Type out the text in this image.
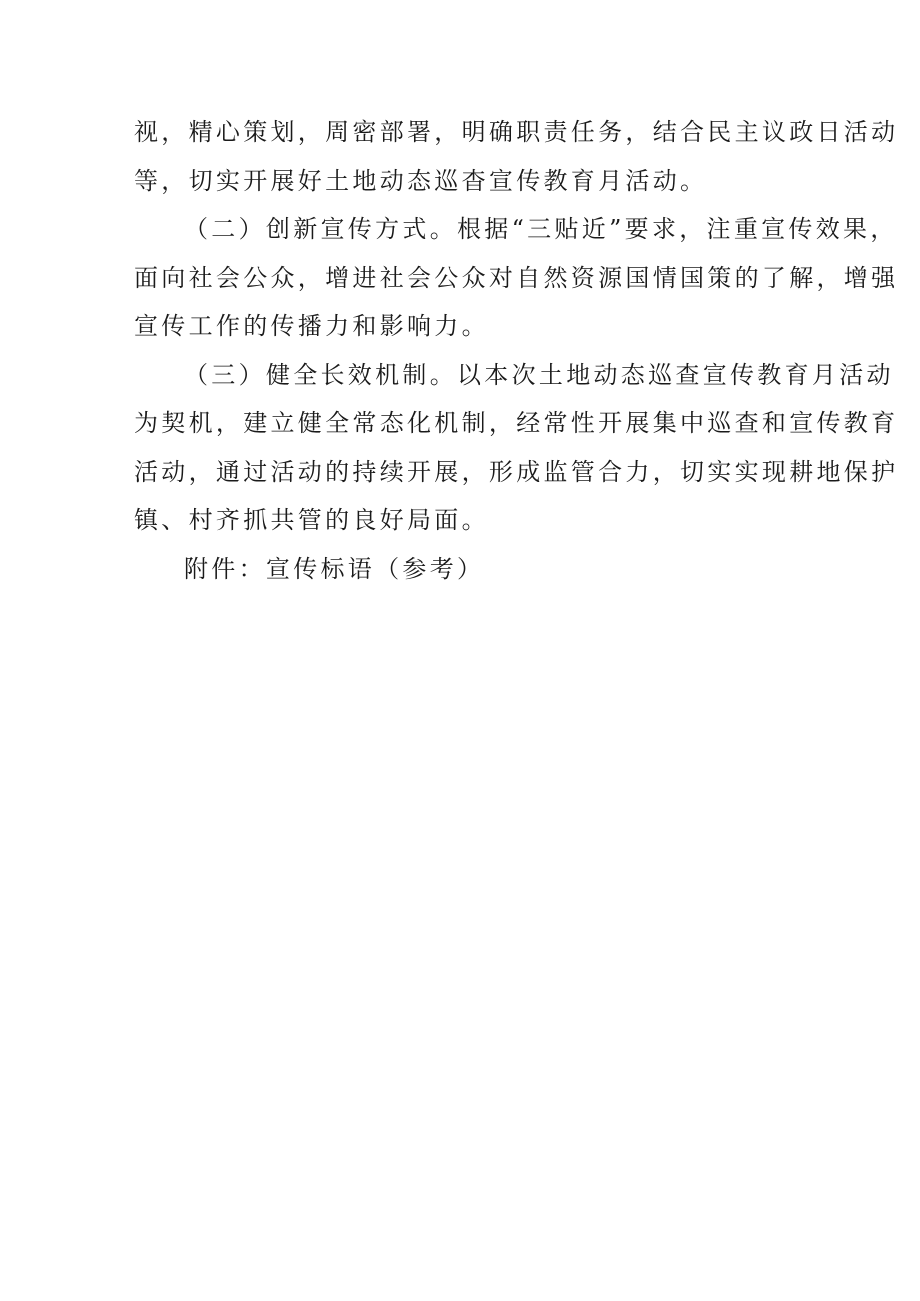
视，精心策划，周密部署，明确职责任务，结合民主议政日活动
等，切实开展好土地动态巡杳宣传教育月活动。
（二）创新宣传方式。根据“三贴近”要求，注重宣传效果，
面向社会公众，增进社会公众对自然资源国情国策的了解，增强
宣传工作的传播力和影响力。
（三）健全长效机制。以本次土地动态巡查宣传教育月活动
为契机，建立健全常态化机制，经常性开展集中巡查和宣传教育
活动，通过活动的持续开展，形成监管合力，切实实现耕地保护
镇、村齐抓共管的良好局面。
附件：宣传标语（参考）
